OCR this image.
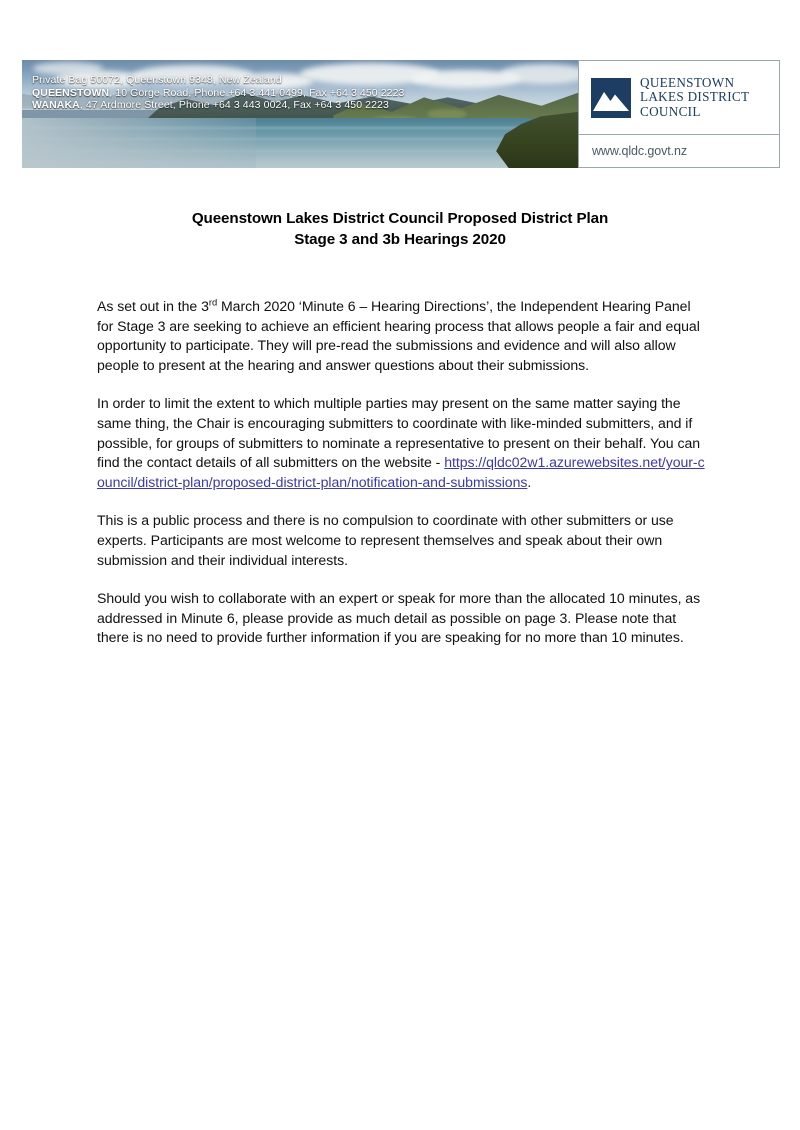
Private Bag 50072, Queenstown 9348, New Zealand
QUEENSTOWN, 10 Gorge Road, Phone +64 3 441 0499, Fax +64 3 450 2223
WANAKA, 47 Ardmore Street, Phone +64 3 443 0024, Fax +64 3 450 2223
QUEENSTOWN
LAKES DISTRICT
COUNCIL
www.qldc.govt.nz
Queenstown Lakes District Council Proposed District Plan
Stage 3 and 3b Hearings 2020

As set out in the 3rd March 2020 ‘Minute 6 – Hearing Directions’, the Independent Hearing Panel for Stage 3 are seeking to achieve an efficient hearing process that allows people a fair and equal opportunity to participate. They will pre-read the submissions and evidence and will also allow people to present at the hearing and answer questions about their submissions.

In order to limit the extent to which multiple parties may present on the same matter saying the same thing, the Chair is encouraging submitters to coordinate with like-minded submitters, and if possible, for groups of submitters to nominate a representative to present on their behalf. You can find the contact details of all submitters on the website - https://qldc02w1.azurewebsites.net/your-council/district-plan/proposed-district-plan/notification-and-submissions.

This is a public process and there is no compulsion to coordinate with other submitters or use experts. Participants are most welcome to represent themselves and speak about their own submission and their individual interests.

Should you wish to collaborate with an expert or speak for more than the allocated 10 minutes, as addressed in Minute 6, please provide as much detail as possible on page 3. Please note that there is no need to provide further information if you are speaking for no more than 10 minutes.
